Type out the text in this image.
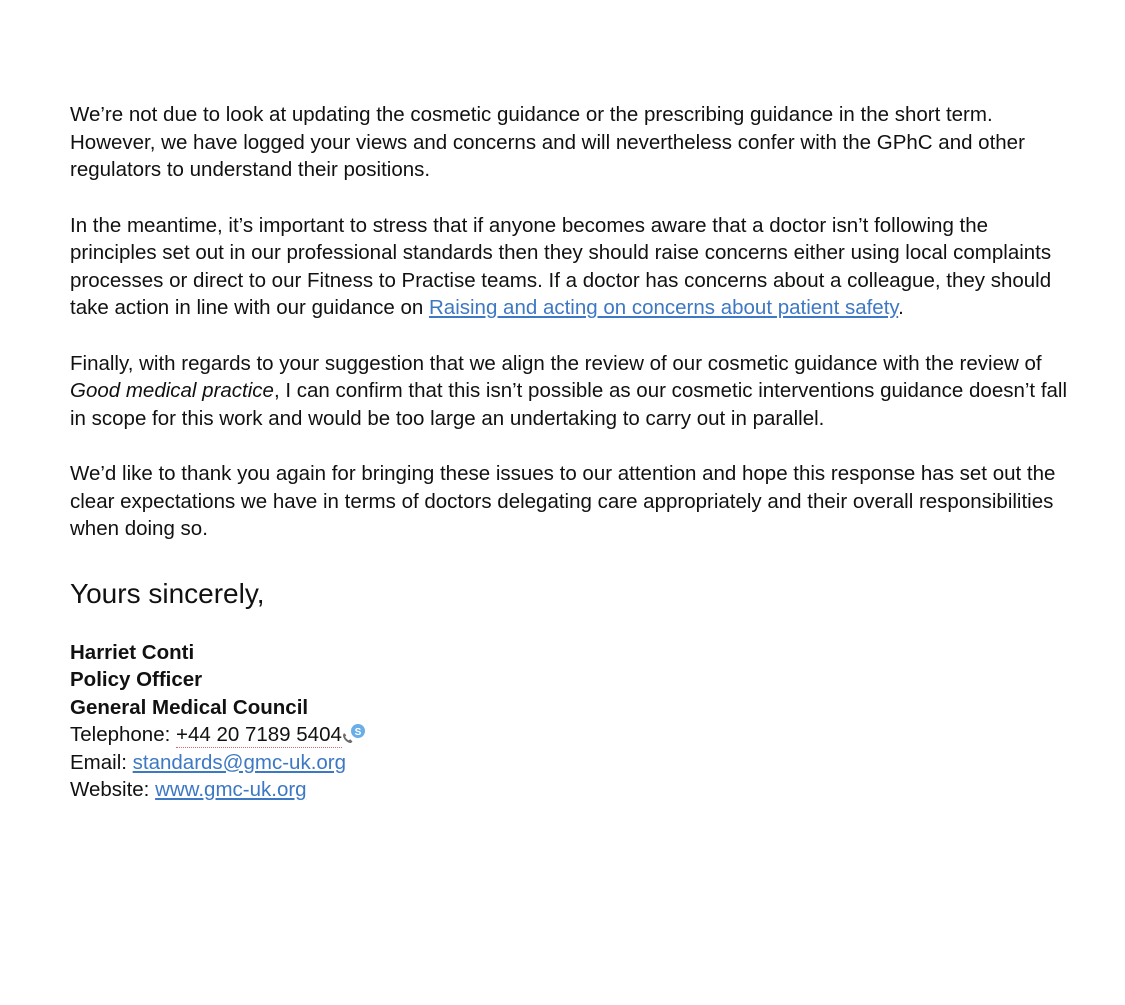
We’re not due to look at updating the cosmetic guidance or the prescribing guidance in the short term. However, we have logged your views and concerns and will nevertheless confer with the GPhC and other regulators to understand their positions.

In the meantime, it’s important to stress that if anyone becomes aware that a doctor isn’t following the principles set out in our professional standards then they should raise concerns either using local complaints processes or direct to our Fitness to Practise teams. If a doctor has concerns about a colleague, they should take action in line with our guidance on Raising and acting on concerns about patient safety.

Finally, with regards to your suggestion that we align the review of our cosmetic guidance with the review of Good medical practice, I can confirm that this isn’t possible as our cosmetic interventions guidance doesn’t fall in scope for this work and would be too large an undertaking to carry out in parallel.

We’d like to thank you again for bringing these issues to our attention and hope this response has set out the clear expectations we have in terms of doctors delegating care appropriately and their overall responsibilities when doing so.

Yours sincerely,

Harriet Conti
Policy Officer
General Medical Council
Telephone: +44 20 7189 5404 S
Email: standards@gmc-uk.org
Website: www.gmc-uk.org
